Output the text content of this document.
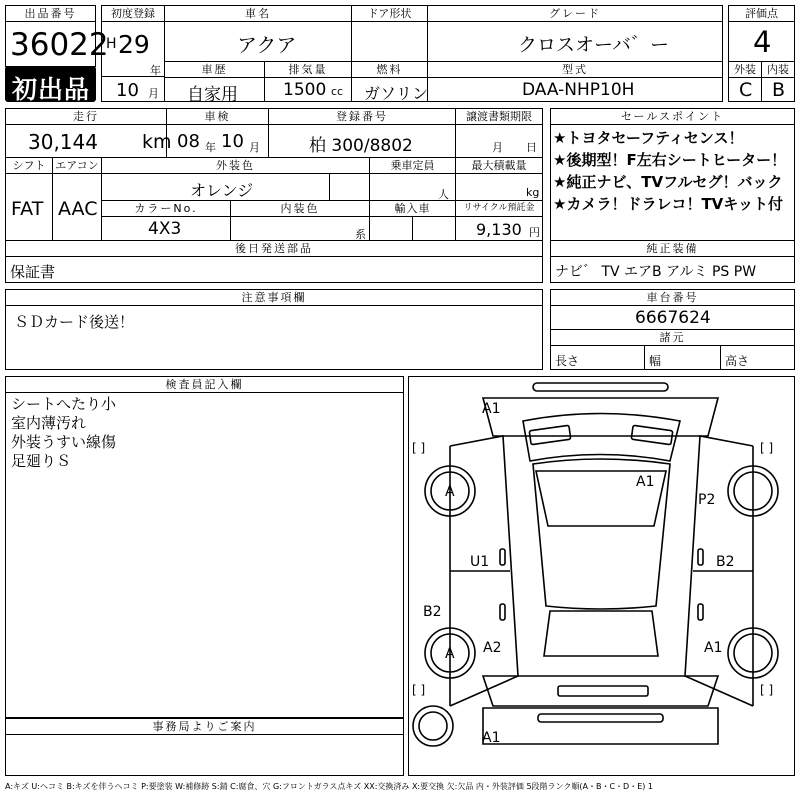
出品番号
36022
初出品
初度登録
H 29
年
10 月
車名
アクア
ドア形状	グレード
クロスオーバ゛ー
車歴
自家用
排気量
1500 cc
燃料
ガソリン
型式
DAA-NHP10H
評価点
4
外装	内装
C B
走行
30,144 km
車検
08 年 10 月
登録番号
柏 300/8802
譲渡書類期限
月 日
シフト
FAT
エアコン
AAC
外装色
オレンジ
乗車定員
人
最大積載量
kg
カラーNo.
4X3
内装色
系
輸入車	リサイクル預託金
9,130 円
セールスポイント
★トヨタセーフティセンス！
★後期型！F左右シートヒーター！
★純正ナビ、TVフルセグ！バック
★カメラ！ドラレコ！TVキット付
後日発送部品
保証書
純正装備
ナビ゛ TV エアB アルミ PS PW
注意事項欄
ＳＤカード後送！
車台番号
6667624
諸元
長さ	幅	高さ
検査員記入欄
シートへたり小
室内薄汚れ
外装うすい線傷
足廻りＳ
事務局よりご案内
A1
A1
P2
A
U1	B2
B2
A A2	A1
A1
[ ]	[ ]
[ ]	[ ]
A:キズ U:ヘコミ B:キズを伴うヘコミ P:要塗装 W:補修跡 S:錆 C:腐食、穴 G:フロントガラス点キズ XX:交換済み X:要交換 欠:欠品 内・外装評価 5段階ランク順(A・B・C・D・E) 1
